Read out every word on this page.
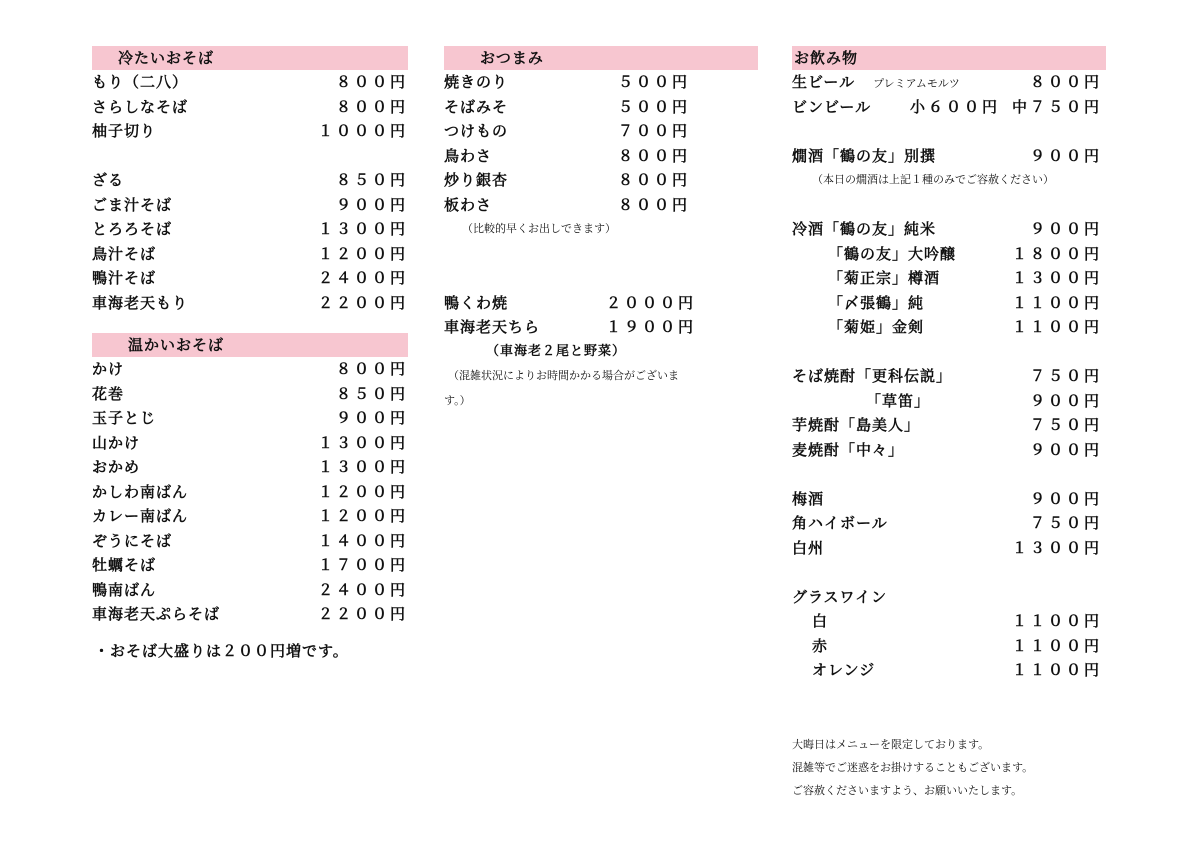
冷たいおそば
もり（二八）	８００円
さらしなそば	８００円
柚子切り	１０００円
ざる	８５０円
ごま汁そば	９００円
とろろそば	１３００円
鳥汁そば	１２００円
鴨汁そば	２４００円
車海老天もり	２２００円
温かいおそば
かけ	８００円
花巻	８５０円
玉子とじ	９００円
山かけ	１３００円
おかめ	１３００円
かしわ南ばん	１２００円
カレー南ばん	１２００円
ぞうにそば	１４００円
牡蠣そば	１７００円
鴨南ばん	２４００円
車海老天ぷらそば	２２００円
・おそば大盛りは２００円増です。
おつまみ
焼きのり	５００円
そばみそ	５００円
つけもの	７００円
鳥わさ	８００円
炒り銀杏	８００円
板わさ	８００円
（比較的早くお出しできます）
鴨くわ焼	２０００円
車海老天ちら	１９００円
（車海老２尾と野菜）
（混雑状況によりお時間かかる場合がございま
す。）
お飲み物
生ビール プレミアムモルツ	８００円
ビンビール	小６００円 中７５０円
燗酒「鶴の友」別撰	９００円
（本日の燗酒は上記１種のみでご容赦ください）
冷酒「鶴の友」純米	９００円
「鶴の友」大吟醸	１８００円
「菊正宗」樽酒	１３００円
「〆張鶴」純	１１００円
「菊姫」金剣	１１００円
そば焼酎「更科伝説」	７５０円
「草笛」	９００円
芋焼酎「島美人」	７５０円
麦焼酎「中々」	９００円
梅酒	９００円
角ハイボール	７５０円
白州	１３００円
グラスワイン
白	１１００円
赤	１１００円
オレンジ	１１００円
大晦日はメニューを限定しております。
混雑等でご迷惑をお掛けすることもございます。
ご容赦くださいますよう、お願いいたします。
